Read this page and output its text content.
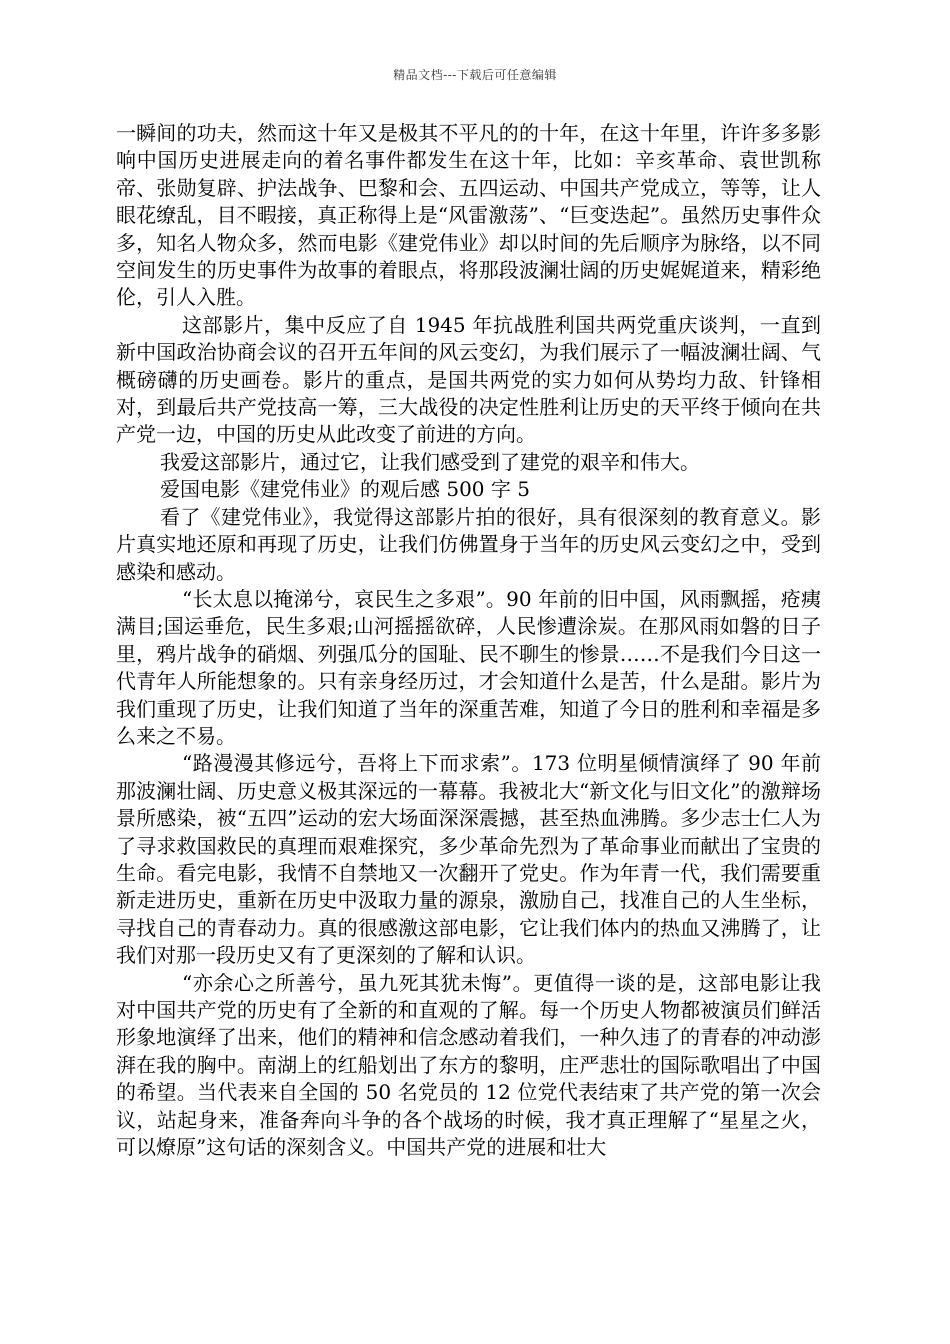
精品文档---下载后可任意编辑

一瞬间的功夫，然而这十年又是极其不平凡的的十年，在这十年里，许许多多影响中国历史进展走向的着名事件都发生在这十年，比如：辛亥革命、袁世凯称帝、张勋复辟、护法战争、巴黎和会、五四运动、中国共产党成立，等等，让人眼花缭乱，目不暇接，真正称得上是“风雷激荡”、“巨变迭起”。虽然历史事件众多，知名人物众多，然而电影《建党伟业》却以时间的先后顺序为脉络，以不同空间发生的历史事件为故事的着眼点，将那段波澜壮阔的历史娓娓道来，精彩绝伦，引人入胜。

这部影片，集中反应了自 1945 年抗战胜利国共两党重庆谈判，一直到新中国政治协商会议的召开五年间的风云变幻，为我们展示了一幅波澜壮阔、气概磅礴的历史画卷。影片的重点，是国共两党的实力如何从势均力敌、针锋相对，到最后共产党技高一筹，三大战役的决定性胜利让历史的天平终于倾向在共产党一边，中国的历史从此改变了前进的方向。

我爱这部影片，通过它，让我们感受到了建党的艰辛和伟大。

爱国电影《建党伟业》的观后感 500 字 5

看了《建党伟业》，我觉得这部影片拍的很好，具有很深刻的教育意义。影片真实地还原和再现了历史，让我们仿佛置身于当年的历史风云变幻之中，受到感染和感动。

“长太息以掩涕兮，哀民生之多艰”。90 年前的旧中国，风雨飘摇，疮痍满目;国运垂危，民生多艰;山河摇摇欲碎，人民惨遭涂炭。在那风雨如磐的日子里，鸦片战争的硝烟、列强瓜分的国耻、民不聊生的惨景……不是我们今日这一代青年人所能想象的。只有亲身经历过，才会知道什么是苦，什么是甜。影片为我们重现了历史，让我们知道了当年的深重苦难，知道了今日的胜利和幸福是多么来之不易。

“路漫漫其修远兮，吾将上下而求索”。173 位明星倾情演绎了 90 年前那波澜壮阔、历史意义极其深远的一幕幕。我被北大“新文化与旧文化”的激辩场景所感染，被“五四”运动的宏大场面深深震撼，甚至热血沸腾。多少志士仁人为了寻求救国救民的真理而艰难探究，多少革命先烈为了革命事业而献出了宝贵的生命。看完电影，我情不自禁地又一次翻开了党史。作为年青一代，我们需要重新走进历史，重新在历史中汲取力量的源泉，激励自己，找准自己的人生坐标，寻找自己的青春动力。真的很感激这部电影，它让我们体内的热血又沸腾了，让我们对那一段历史又有了更深刻的了解和认识。

“亦余心之所善兮，虽九死其犹未悔”。更值得一谈的是，这部电影让我对中国共产党的历史有了全新的和直观的了解。每一个历史人物都被演员们鲜活形象地演绎了出来，他们的精神和信念感动着我们，一种久违了的青春的冲动澎湃在我的胸中。南湖上的红船划出了东方的黎明，庄严悲壮的国际歌唱出了中国的希望。当代表来自全国的 50 名党员的 12 位党代表结束了共产党的第一次会议，站起身来，准备奔向斗争的各个战场的时候，我才真正理解了“星星之火，可以燎原”这句话的深刻含义。中国共产党的进展和壮大
